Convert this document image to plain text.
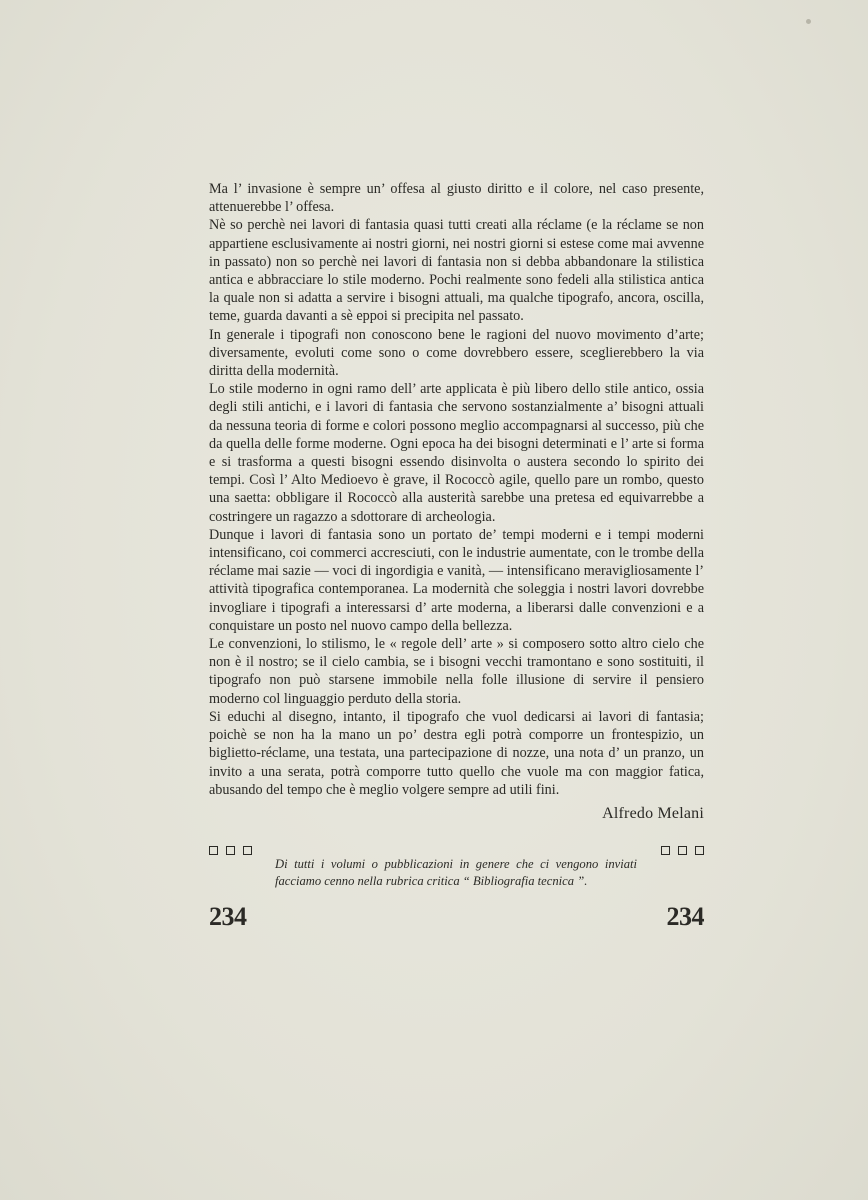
Ma l’ invasione è sempre un’ offesa al giusto diritto e il colore, nel caso presente, attenuerebbe l’ offesa.

Nè so perchè nei lavori di fantasia quasi tutti creati alla réclame (e la réclame se non appartiene esclusivamente ai nostri giorni, nei nostri giorni si estese come mai avvenne in passato) non so perchè nei lavori di fantasia non si debba abbandonare la stilistica antica e abbracciare lo stile moderno. Pochi realmente sono fedeli alla stilistica antica la quale non si adatta a servire i bisogni attuali, ma qualche tipografo, ancora, oscilla, teme, guarda davanti a sè eppoi si precipita nel passato.

In generale i tipografi non conoscono bene le ragioni del nuovo movimento d’arte; diversamente, evoluti come sono o come dovrebbero essere, sceglierebbero la via diritta della modernità.

Lo stile moderno in ogni ramo dell’ arte applicata è più libero dello stile antico, ossia degli stili antichi, e i lavori di fantasia che servono sostanzialmente a’ bisogni attuali da nessuna teoria di forme e colori possono meglio accompagnarsi al successo, più che da quella delle forme moderne. Ogni epoca ha dei bisogni determinati e l’ arte si forma e si trasforma a questi bisogni essendo disinvolta o austera secondo lo spirito dei tempi. Così l’ Alto Medioevo è grave, il Rococcò agile, quello pare un rombo, questo una saetta: obbligare il Rococcò alla austerità sarebbe una pretesa ed equivarrebbe a costringere un ragazzo a sdottorare di archeologia.

Dunque i lavori di fantasia sono un portato de’ tempi moderni e i tempi moderni intensificano, coi commerci accresciuti, con le industrie aumentate, con le trombe della réclame mai sazie — voci di ingordigia e vanità, — intensificano meravigliosamente l’ attività tipografica contemporanea. La modernità che soleggia i nostri lavori dovrebbe invogliare i tipografi a interessarsi d’ arte moderna, a liberarsi dalle convenzioni e a conquistare un posto nel nuovo campo della bellezza.

Le convenzioni, lo stilismo, le « regole dell’ arte » si composero sotto altro cielo che non è il nostro; se il cielo cambia, se i bisogni vecchi tramontano e sono sostituiti, il tipografo non può starsene immobile nella folle illusione di servire il pensiero moderno col linguaggio perduto della storia.

Si educhi al disegno, intanto, il tipografo che vuol dedicarsi ai lavori di fantasia; poichè se non ha la mano un po’ destra egli potrà comporre un frontespizio, un biglietto-réclame, una testata, una partecipazione di nozze, una nota d’ un pranzo, un invito a una serata, potrà comporre tutto quello che vuole ma con maggior fatica, abusando del tempo che è meglio volgere sempre ad utili fini.

Alfredo Melani
Di tutti i volumi o pubblicazioni in genere che ci vengono inviati facciamo cenno nella rubrica critica “ Bibliografia tecnica ”.
234	234
